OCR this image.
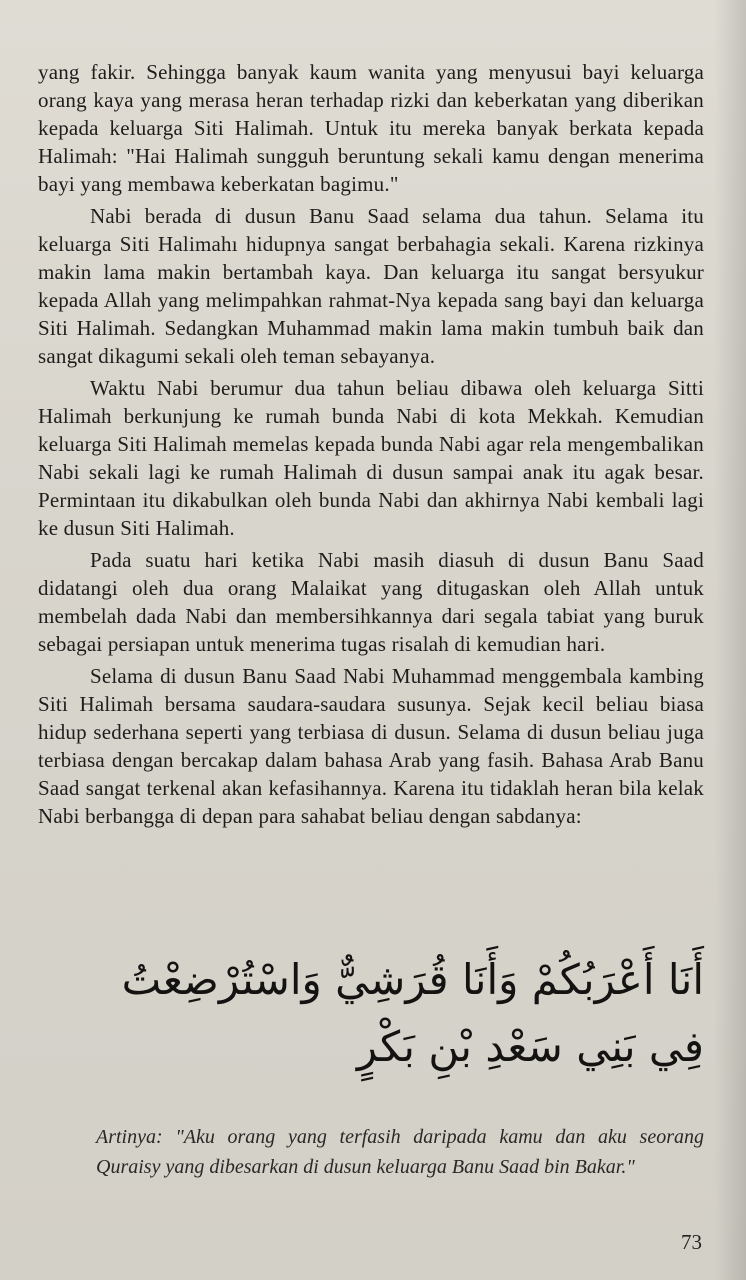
yang fakir. Sehingga banyak kaum wanita yang menyusui bayi keluarga orang kaya yang merasa heran terhadap rizki dan keberkatan yang diberikan kepada keluarga Siti Halimah. Untuk itu mereka banyak berkata kepada Halimah: "Hai Halimah sungguh beruntung sekali kamu dengan menerima bayi yang membawa keberkatan bagimu."

Nabi berada di dusun Banu Saad selama dua tahun. Selama itu keluarga Siti Halimahı hidupnya sangat berbahagia sekali. Karena rizkinya makin lama makin bertambah kaya. Dan keluarga itu sangat bersyukur kepada Allah yang melimpahkan rahmat-Nya kepada sang bayi dan keluarga Siti Halimah. Sedangkan Muhammad makin lama makin tumbuh baik dan sangat dikagumi sekali oleh teman sebayanya.

Waktu Nabi berumur dua tahun beliau dibawa oleh keluarga Sitti Halimah berkunjung ke rumah bunda Nabi di kota Mekkah. Kemudian keluarga Siti Halimah memelas kepada bunda Nabi agar rela mengembalikan Nabi sekali lagi ke rumah Halimah di dusun sampai anak itu agak besar. Permintaan itu dikabulkan oleh bunda Nabi dan akhirnya Nabi kembali lagi ke dusun Siti Halimah.

Pada suatu hari ketika Nabi masih diasuh di dusun Banu Saad didatangi oleh dua orang Malaikat yang ditugaskan oleh Allah untuk membelah dada Nabi dan membersihkannya dari segala tabiat yang buruk sebagai persiapan untuk menerima tugas risalah di kemudian hari.

Selama di dusun Banu Saad Nabi Muhammad menggembala kambing Siti Halimah bersama saudara-saudara susunya. Sejak kecil beliau biasa hidup sederhana seperti yang terbiasa di dusun. Selama di dusun beliau juga terbiasa dengan bercakap dalam bahasa Arab yang fasih. Bahasa Arab Banu Saad sangat terkenal akan kefasihannya. Karena itu tidaklah heran bila kelak Nabi berbangga di depan para sahabat beliau dengan sabdanya:

أَنَا أَعْرَبُكُمْ وَأَنَا قُرَشِيٌّ وَاسْتُرْضِعْتُ
فِي بَنِي سَعْدِ بْنِ بَكْرٍ
Artinya: "Aku orang yang terfasih daripada kamu dan aku seorang Quraisy yang dibesarkan di dusun keluarga Banu Saad bin Bakar."
73
